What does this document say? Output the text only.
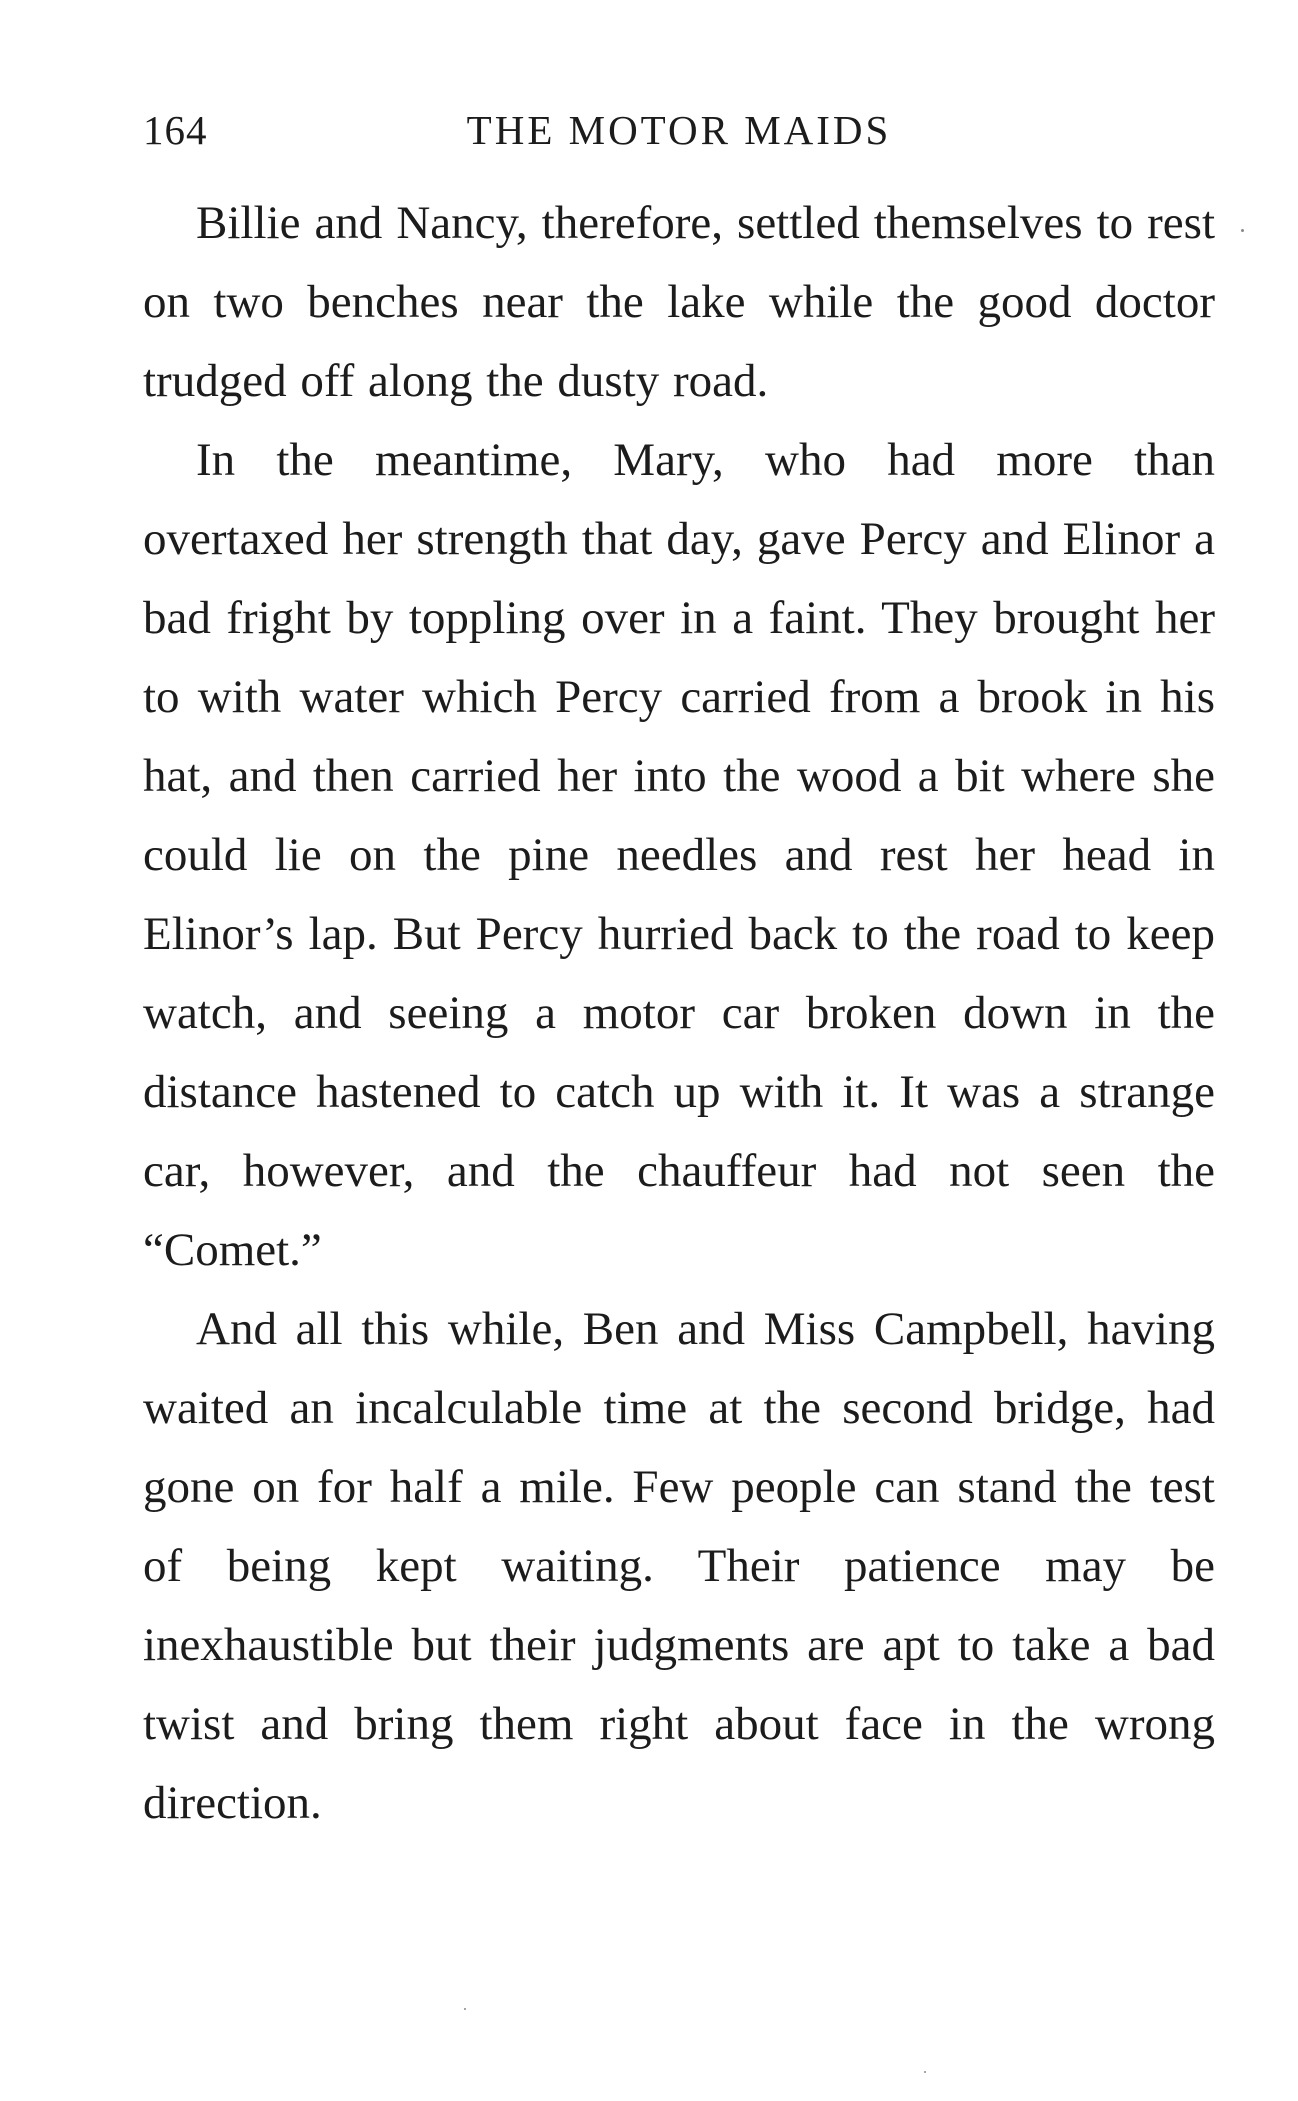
164	THE MOTOR MAIDS

Billie and Nancy, therefore, settled themselves to rest on two benches near the lake while the good doctor trudged off along the dusty road.

In the meantime, Mary, who had more than overtaxed her strength that day, gave Percy and Elinor a bad fright by toppling over in a faint. They brought her to with water which Percy carried from a brook in his hat, and then carried her into the wood a bit where she could lie on the pine needles and rest her head in Elinor’s lap. But Percy hurried back to the road to keep watch, and seeing a motor car broken down in the distance hastened to catch up with it. It was a strange car, however, and the chauffeur had not seen the “Comet.”

And all this while, Ben and Miss Campbell, having waited an incalculable time at the second bridge, had gone on for half a mile. Few people can stand the test of being kept waiting. Their patience may be inexhaustible but their judgments are apt to take a bad twist and bring them right about face in the wrong direction.
